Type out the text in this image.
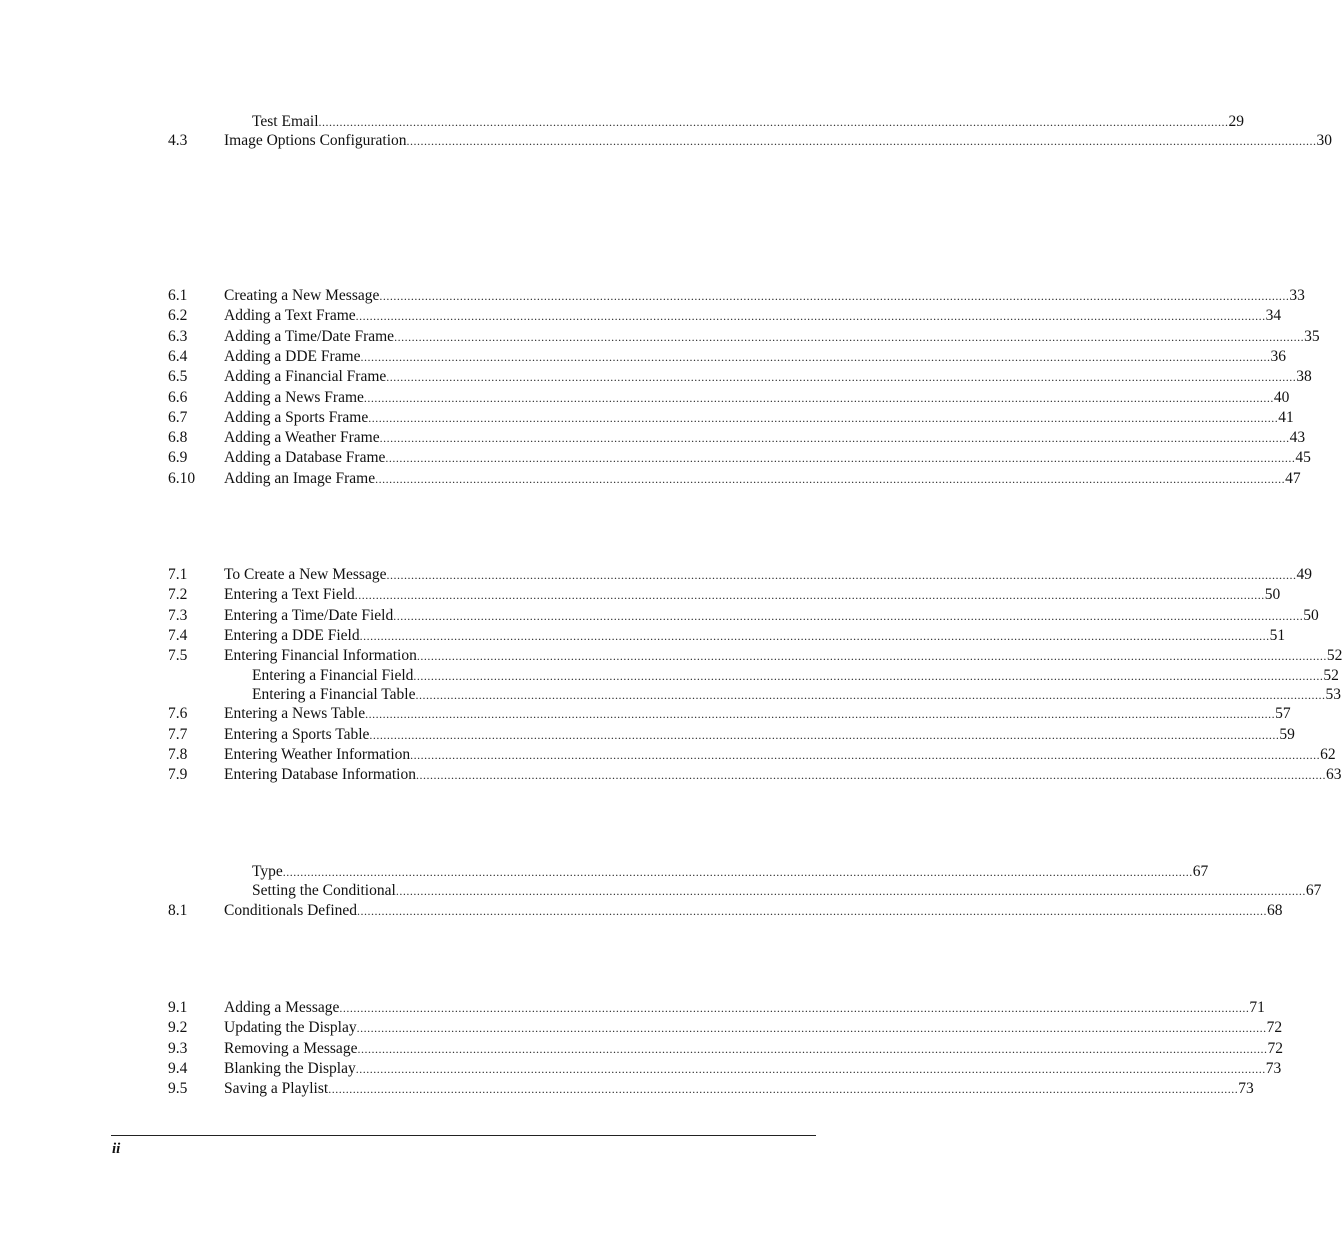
Test Email .................................................................................................................................................................................................................................................................... 29
4.3 Image Options Configuration .................................................................................................................................................................................................................................................................... 30
6.1 Creating a New Message .................................................................................................................................................................................................................................................................... 33
6.2 Adding a Text Frame .................................................................................................................................................................................................................................................................... 34
6.3 Adding a Time/Date Frame .................................................................................................................................................................................................................................................................... 35
6.4 Adding a DDE Frame .................................................................................................................................................................................................................................................................... 36
6.5 Adding a Financial Frame .................................................................................................................................................................................................................................................................... 38
6.6 Adding a News Frame .................................................................................................................................................................................................................................................................... 40
6.7 Adding a Sports Frame .................................................................................................................................................................................................................................................................... 41
6.8 Adding a Weather Frame .................................................................................................................................................................................................................................................................... 43
6.9 Adding a Database Frame .................................................................................................................................................................................................................................................................... 45
6.10 Adding an Image Frame .................................................................................................................................................................................................................................................................... 47
7.1 To Create a New Message .................................................................................................................................................................................................................................................................... 49
7.2 Entering a Text Field .................................................................................................................................................................................................................................................................... 50
7.3 Entering a Time/Date Field .................................................................................................................................................................................................................................................................... 50
7.4 Entering a DDE Field .................................................................................................................................................................................................................................................................... 51
7.5 Entering Financial Information .................................................................................................................................................................................................................................................................... 52
Entering a Financial Field .................................................................................................................................................................................................................................................................... 52
Entering a Financial Table .................................................................................................................................................................................................................................................................... 53
7.6 Entering a News Table .................................................................................................................................................................................................................................................................... 57
7.7 Entering a Sports Table .................................................................................................................................................................................................................................................................... 59
7.8 Entering Weather Information .................................................................................................................................................................................................................................................................... 62
7.9 Entering Database Information .................................................................................................................................................................................................................................................................... 63
Type .................................................................................................................................................................................................................................................................... 67
Setting the Conditional .................................................................................................................................................................................................................................................................... 67
8.1 Conditionals Defined .................................................................................................................................................................................................................................................................... 68
9.1 Adding a Message .................................................................................................................................................................................................................................................................... 71
9.2 Updating the Display .................................................................................................................................................................................................................................................................... 72
9.3 Removing a Message .................................................................................................................................................................................................................................................................... 72
9.4 Blanking the Display .................................................................................................................................................................................................................................................................... 73
9.5 Saving a Playlist .................................................................................................................................................................................................................................................................... 73
ii
